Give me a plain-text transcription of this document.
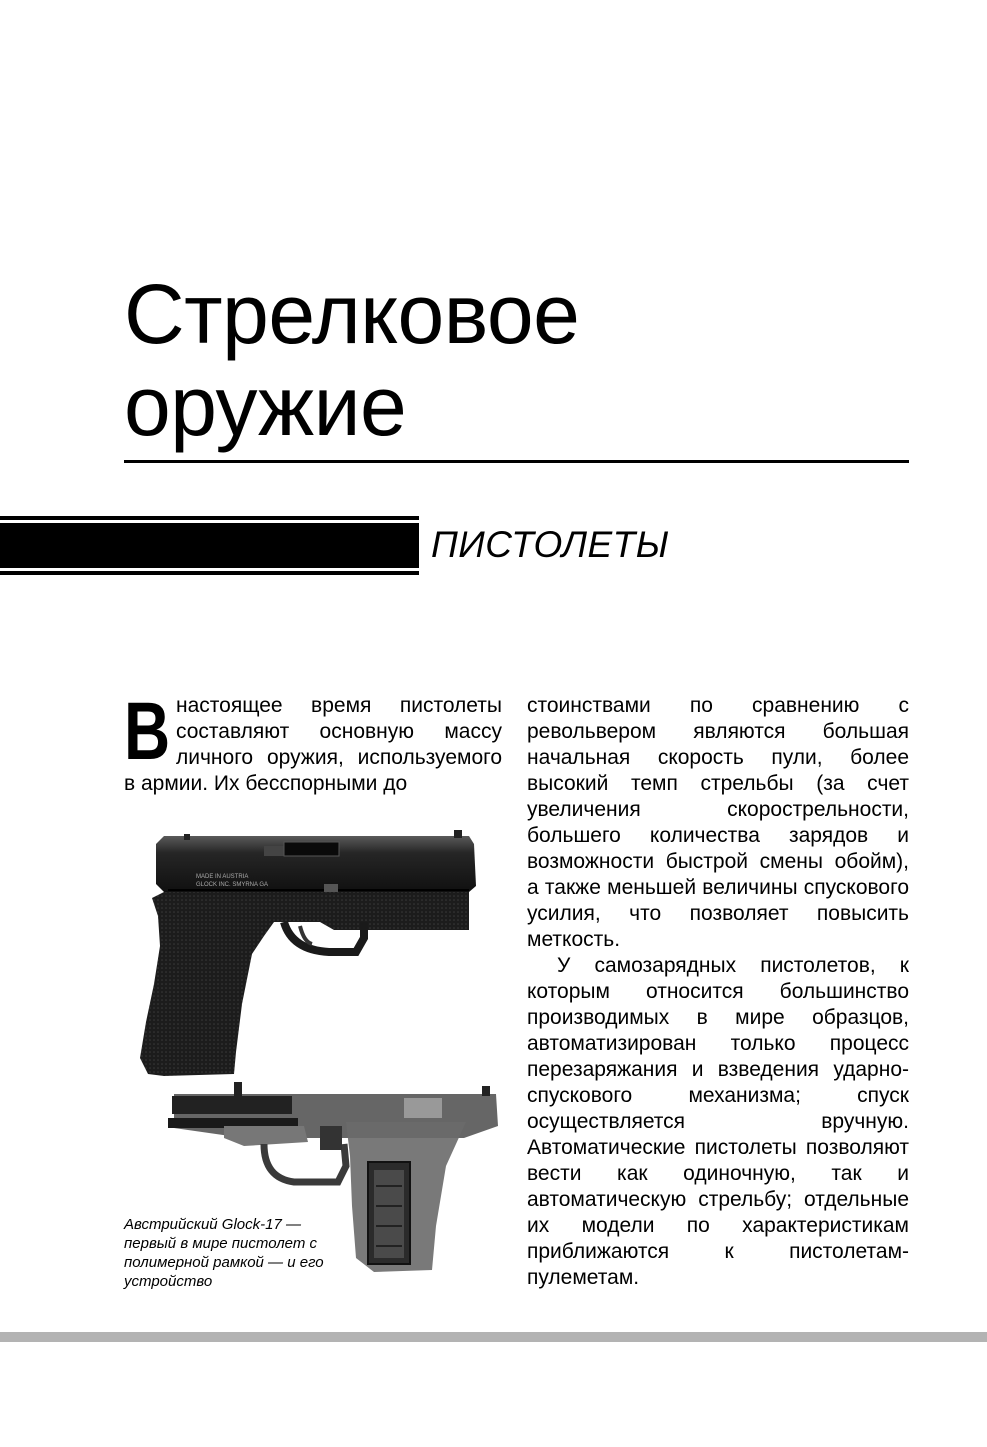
Стрелковое
оружие
ПИСТОЛЕТЫ

В настоящее время пистолеты составляют основную массу личного оружия, используемого в армии. Их бесспорными до

MADE IN AUSTRIA
GLOCK INC. SMYRNA GA
Австрийский Glock-17 — первый в мире пистолет с полимерной рамкой — и его устройство

стоинствами по сравнению с револьвером являются большая начальная скорость пули, более высокий темп стрельбы (за счет увеличения скорострельности, большего количества зарядов и возможности быстрой смены обойм), а также меньшей величины спускового усилия, что позволяет повысить меткость.

У самозарядных пистолетов, к которым относится большинство производимых в мире образцов, автоматизирован только процесс перезаряжания и взведения ударно-спускового механизма; спуск осуществляется вручную. Автоматические пистолеты позволяют вести как одиночную, так и автоматическую стрельбу; отдельные их модели по характеристикам приближаются к пистолетам-пулеметам.
